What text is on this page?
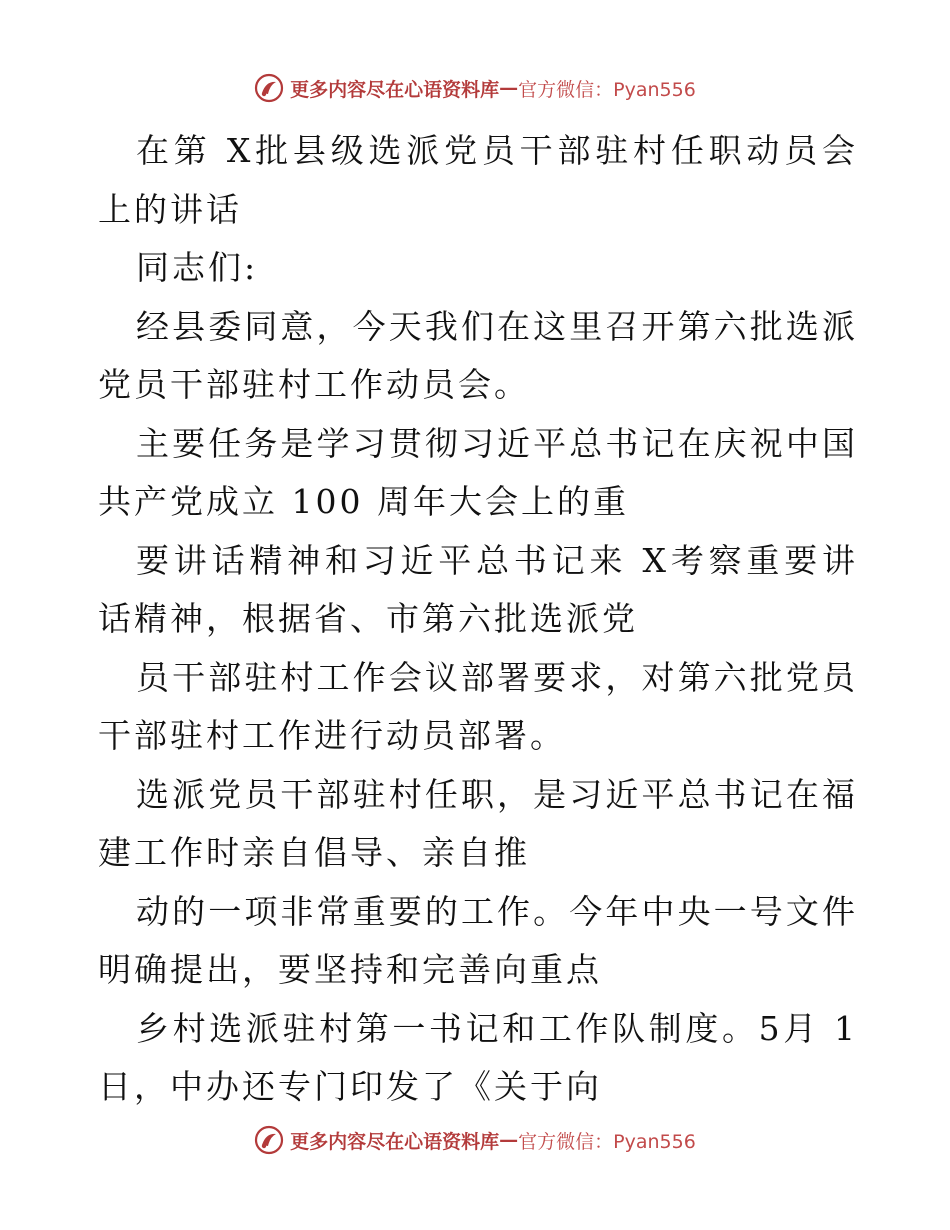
更多内容尽在心语资料库 — 官方微信：Pyan556

在第 X批县级选派党员干部驻村任职动员会上的讲话

同志们:

经县委同意，今天我们在这里召开第六批选派党员干部驻村工作动员会。

主要任务是学习贯彻习近平总书记在庆祝中国共产党成立 100 周年大会上的重

要讲话精神和习近平总书记来 X考察重要讲话精神，根据省、市第六批选派党

员干部驻村工作会议部署要求，对第六批党员干部驻村工作进行动员部署。

选派党员干部驻村任职，是习近平总书记在福建工作时亲自倡导、亲自推

动的一项非常重要的工作。今年中央一号文件明确提出，要坚持和完善向重点

乡村选派驻村第一书记和工作队制度。5月 1 日，中办还专门印发了《关于向

更多内容尽在心语资料库 — 官方微信：Pyan556
